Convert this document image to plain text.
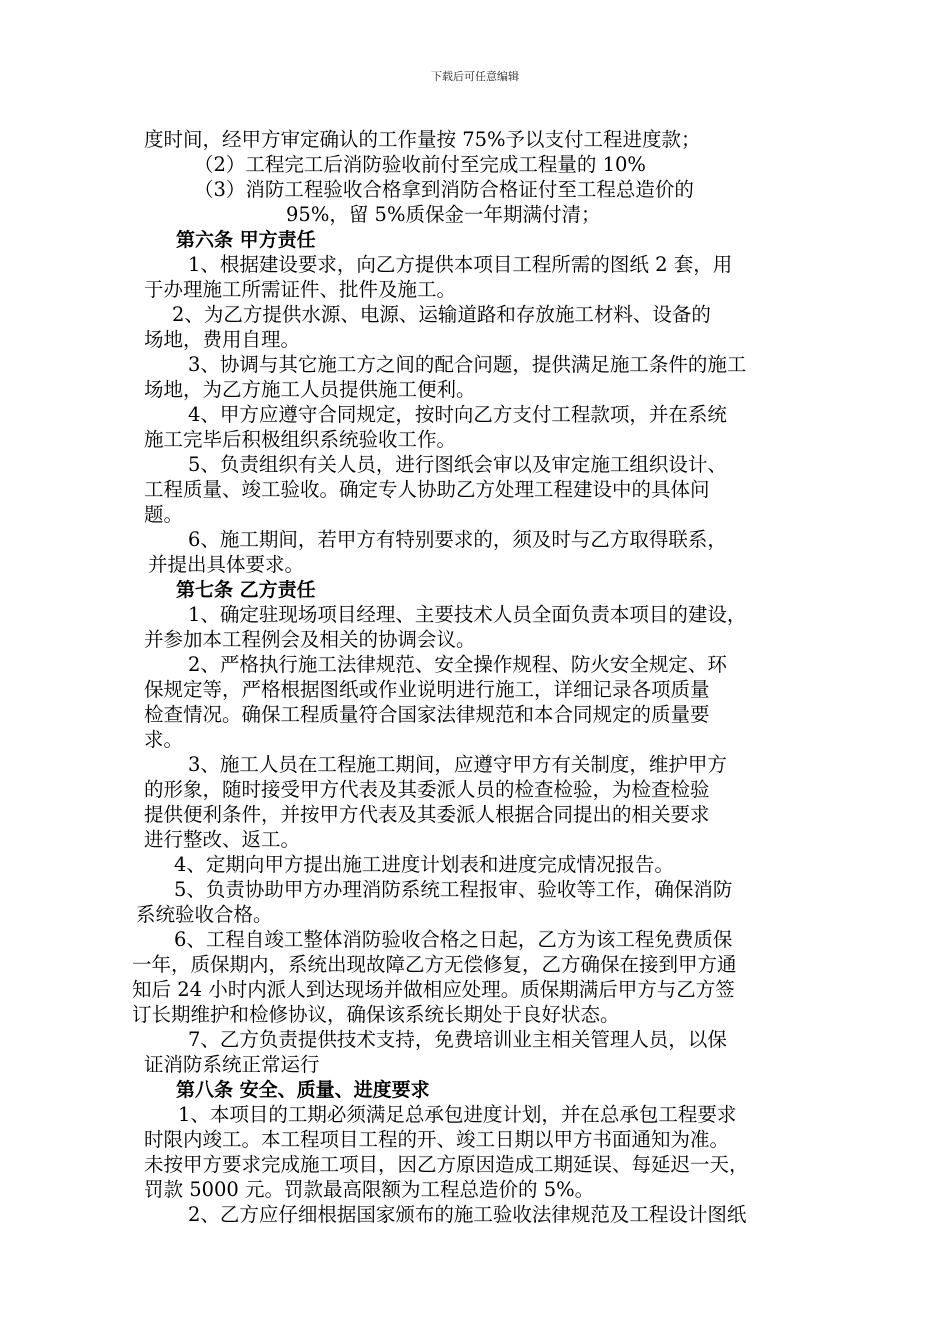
下载后可任意编辑
度时间，经甲方审定确认的工作量按 75%予以支付工程进度款；
（2）工程完工后消防验收前付至完成工程量的 10%
（3）消防工程验收合格拿到消防合格证付至工程总造价的
95%，留 5%质保金一年期满付清；
第六条 甲方责任
1、根据建设要求，向乙方提供本项目工程所需的图纸 2 套，用
于办理施工所需证件、批件及施工。
2、为乙方提供水源、电源、运输道路和存放施工材料、设备的
场地，费用自理。
3、协调与其它施工方之间的配合问题，提供满足施工条件的施工
场地，为乙方施工人员提供施工便利。
4、甲方应遵守合同规定，按时向乙方支付工程款项，并在系统
施工完毕后积极组织系统验收工作。
5、负责组织有关人员，进行图纸会审以及审定施工组织设计、
工程质量、竣工验收。确定专人协助乙方处理工程建设中的具体问
题。
6、施工期间，若甲方有特别要求的，须及时与乙方取得联系，
并提出具体要求。
第七条 乙方责任
1、确定驻现场项目经理、主要技术人员全面负责本项目的建设，
并参加本工程例会及相关的协调会议。
2、严格执行施工法律规范、安全操作规程、防火安全规定、环
保规定等，严格根据图纸或作业说明进行施工，详细记录各项质量
检查情况。确保工程质量符合国家法律规范和本合同规定的质量要
求。
3、施工人员在工程施工期间，应遵守甲方有关制度，维护甲方
的形象，随时接受甲方代表及其委派人员的检查检验，为检查检验
提供便利条件，并按甲方代表及其委派人根据合同提出的相关要求
进行整改、返工。
4、定期向甲方提出施工进度计划表和进度完成情况报告。
5、负责协助甲方办理消防系统工程报审、验收等工作，确保消防
系统验收合格。
6、工程自竣工整体消防验收合格之日起，乙方为该工程免费质保
一年，质保期内，系统出现故障乙方无偿修复，乙方确保在接到甲方通
知后 24 小时内派人到达现场并做相应处理。质保期满后甲方与乙方签
订长期维护和检修协议，确保该系统长期处于良好状态。
7、乙方负责提供技术支持，免费培训业主相关管理人员，以保
证消防系统正常运行
第八条 安全、质量、进度要求
1、本项目的工期必须满足总承包进度计划，并在总承包工程要求
时限内竣工。本工程项目工程的开、竣工日期以甲方书面通知为准。
未按甲方要求完成施工项目，因乙方原因造成工期延误、每延迟一天，
罚款 5000 元。罚款最高限额为工程总造价的 5%。
2、乙方应仔细根据国家颁布的施工验收法律规范及工程设计图纸
